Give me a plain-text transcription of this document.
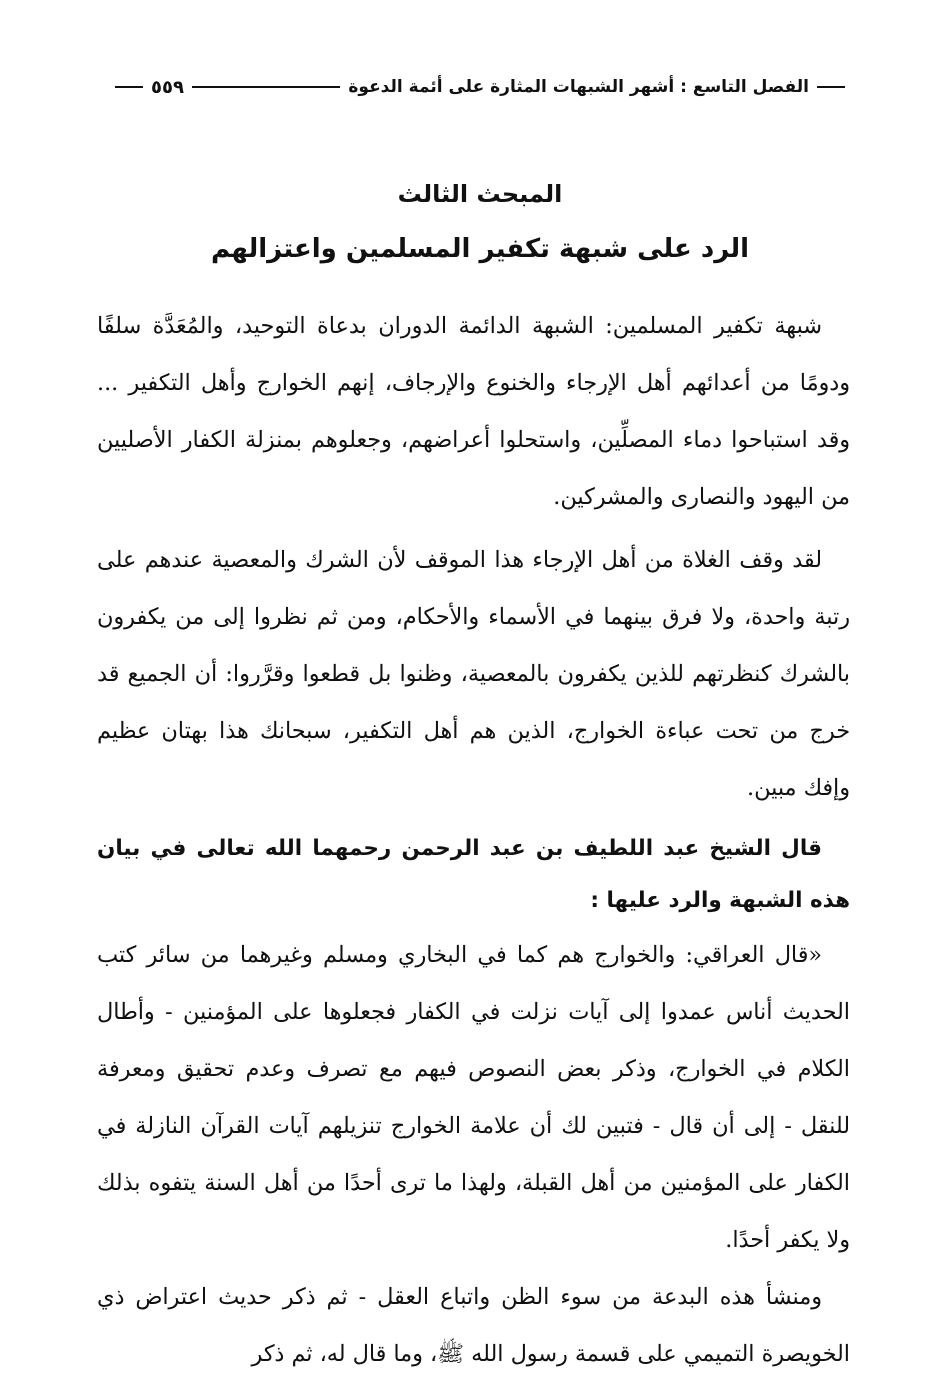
الفصل التاسع : أشهر الشبهات المثارة على أئمة الدعوة
٥٥٩
المبحث الثالث
الرد على شبهة تكفير المسلمين واعتزالهم

شبهة تكفير المسلمين: الشبهة الدائمة الدوران بدعاة التوحيد، والمُعَدَّة سلفًا ودومًا من أعدائهم أهل الإرجاء والخنوع والإرجاف، إنهم الخوارج وأهل التكفير ... وقد استباحوا دماء المصلِّين، واستحلوا أعراضهم، وجعلوهم بمنزلة الكفار الأصليين من اليهود والنصارى والمشركين.

لقد وقف الغلاة من أهل الإرجاء هذا الموقف لأن الشرك والمعصية عندهم على رتبة واحدة، ولا فرق بينهما في الأسماء والأحكام، ومن ثم نظروا إلى من يكفرون بالشرك كنظرتهم للذين يكفرون بالمعصية، وظنوا بل قطعوا وقرَّروا: أن الجميع قد خرج من تحت عباءة الخوارج، الذين هم أهل التكفير، سبحانك هذا بهتان عظيم وإفك مبين.

قال الشيخ عبد اللطيف بن عبد الرحمن رحمهما الله تعالى في بيان هذه الشبهة والرد عليها :

«قال العراقي: والخوارج هم كما في البخاري ومسلم وغيرهما من سائر كتب الحديث أناس عمدوا إلى آيات نزلت في الكفار فجعلوها على المؤمنين - وأطال الكلام في الخوارج، وذكر بعض النصوص فيهم مع تصرف وعدم تحقيق ومعرفة للنقل - إلى أن قال - فتبين لك أن علامة الخوارج تنزيلهم آيات القرآن النازلة في الكفار على المؤمنين من أهل القبلة، ولهذا ما ترى أحدًا من أهل السنة يتفوه بذلك ولا يكفر أحدًا.

ومنشأ هذه البدعة من سوء الظن واتباع العقل - ثم ذكر حديث اعتراض ذي الخويصرة التميمي على قسمة رسول الله ﷺ، وما قال له، ثم ذكر
